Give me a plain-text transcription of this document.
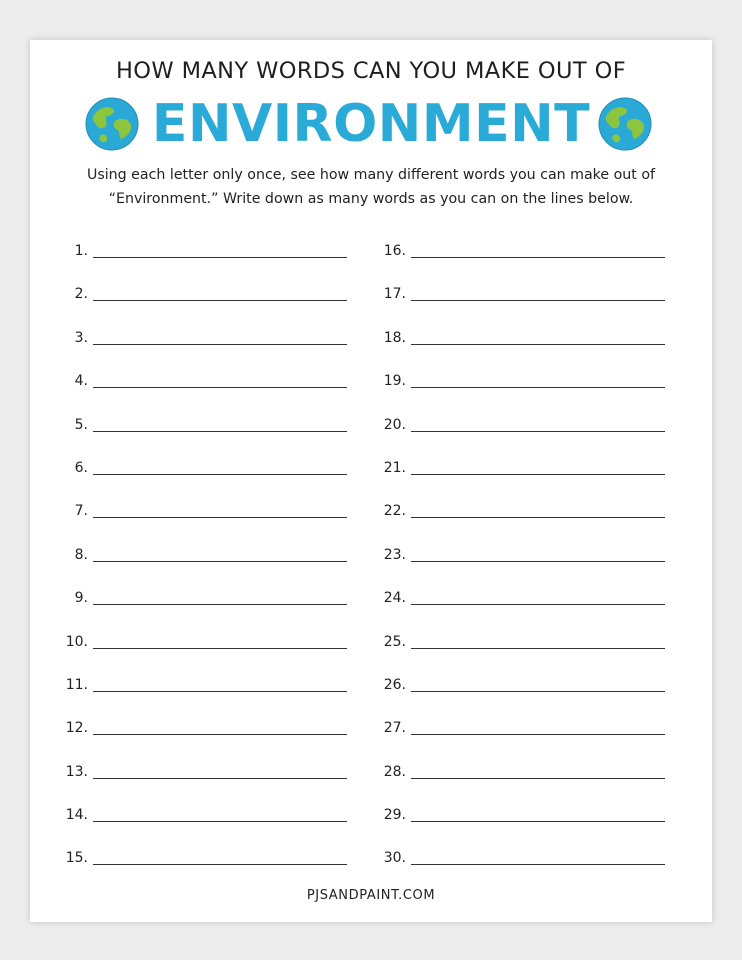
HOW MANY WORDS CAN YOU MAKE OUT OF
ENVIRONMENT
Using each letter only once, see how many different words you can make out of
“Environment.” Write down as many words as you can on the lines below.
1.
2.
3.
4.
5.
6.
7.
8.
9.
10.
11.
12.
13.
14.
15.
16.
17.
18.
19.
20.
21.
22.
23.
24.
25.
26.
27.
28.
29.
30.
PJSANDPAINT.COM
